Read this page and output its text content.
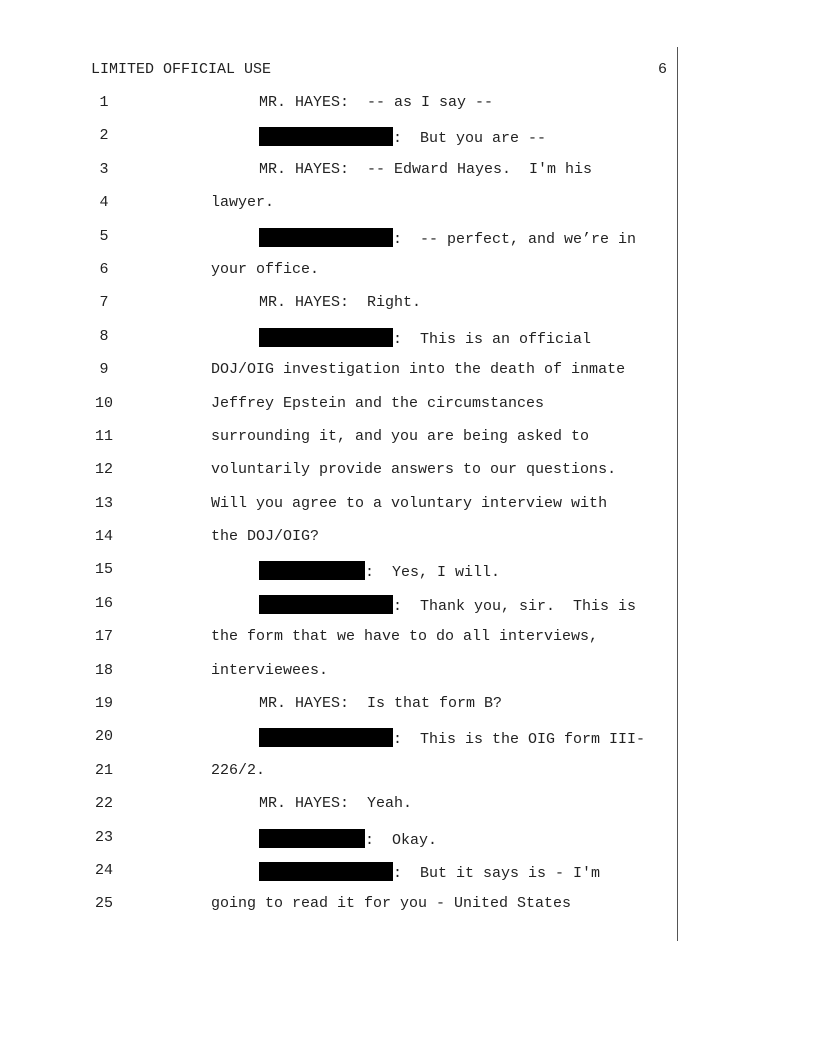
LIMITED OFFICIAL USE	6
1	MR. HAYES:  -- as I say --
2	:  But you are --
3	MR. HAYES:  -- Edward Hayes.  I'm his
4	lawyer.
5	:  -- perfect, and we’re in
6	your office.
7	MR. HAYES:  Right.
8	:  This is an official
9	DOJ/OIG investigation into the death of inmate
10	Jeffrey Epstein and the circumstances
11	surrounding it, and you are being asked to
12	voluntarily provide answers to our questions.
13	Will you agree to a voluntary interview with
14	the DOJ/OIG?
15	:  Yes, I will.
16	:  Thank you, sir.  This is
17	the form that we have to do all interviews,
18	interviewees.
19	MR. HAYES:  Is that form B?
20	:  This is the OIG form III-
21	226/2.
22	MR. HAYES:  Yeah.
23	:  Okay.
24	:  But it says is - I'm
25	going to read it for you - United States
